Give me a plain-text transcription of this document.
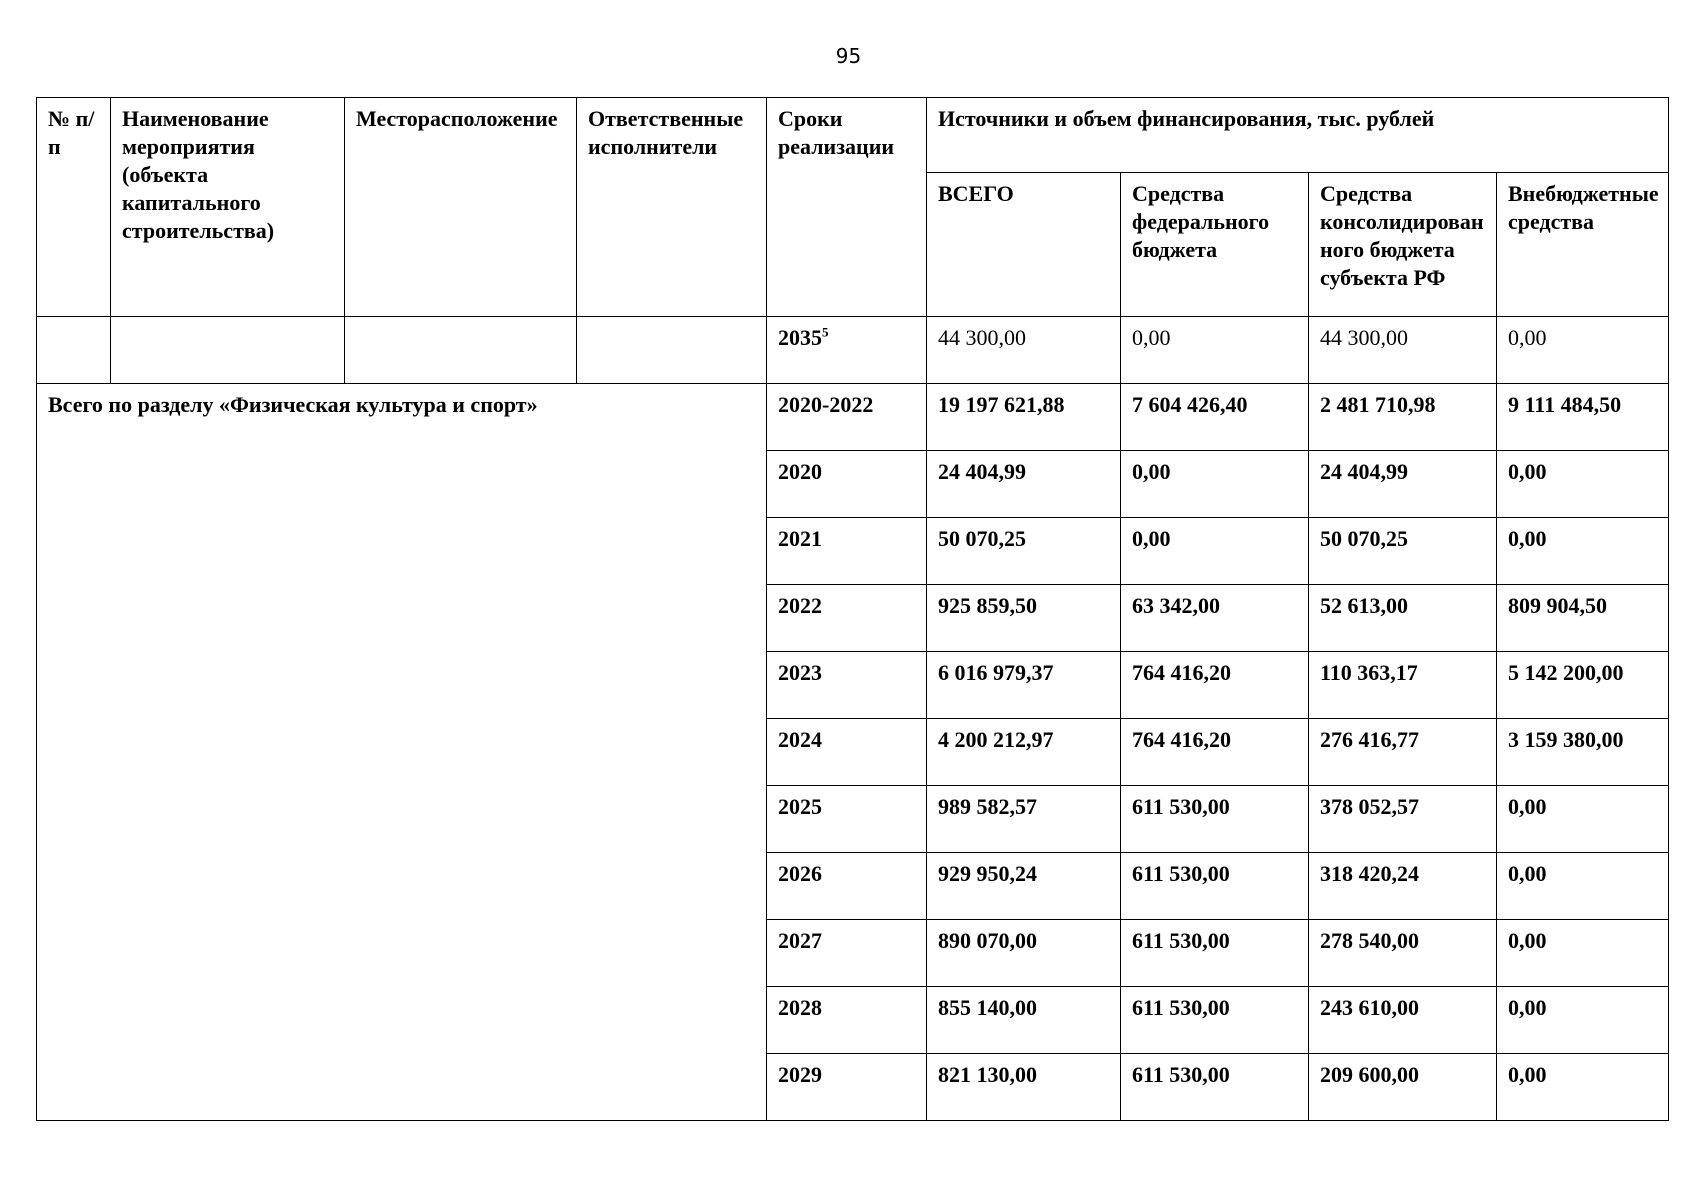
95
№ п/п	Наименование мероприятия (объекта капитального строительства)	Месторасположение	Ответственные исполнители	Сроки реализации	Источники и объем финансирования, тыс. рублей			
					ВСЕГО	Средства федерального бюджета	Средства консолидированного бюджета субъекта РФ	Внебюджетные средства
				2035$^5$	44 300,00	0,00	44 300,00	0,00
Всего по разделу «Физическая культура и спорт»				2020-2022	19 197 621,88	7 604 426,40	2 481 710,98	9 111 484,50
				2020	24 404,99	0,00	24 404,99	0,00
				2021	50 070,25	0,00	50 070,25	0,00
				2022	925 859,50	63 342,00	52 613,00	809 904,50
				2023	6 016 979,37	764 416,20	110 363,17	5 142 200,00
				2024	4 200 212,97	764 416,20	276 416,77	3 159 380,00
				2025	989 582,57	611 530,00	378 052,57	0,00
				2026	929 950,24	611 530,00	318 420,24	0,00
				2027	890 070,00	611 530,00	278 540,00	0,00
				2028	855 140,00	611 530,00	243 610,00	0,00
				2029	821 130,00	611 530,00	209 600,00	0,00
